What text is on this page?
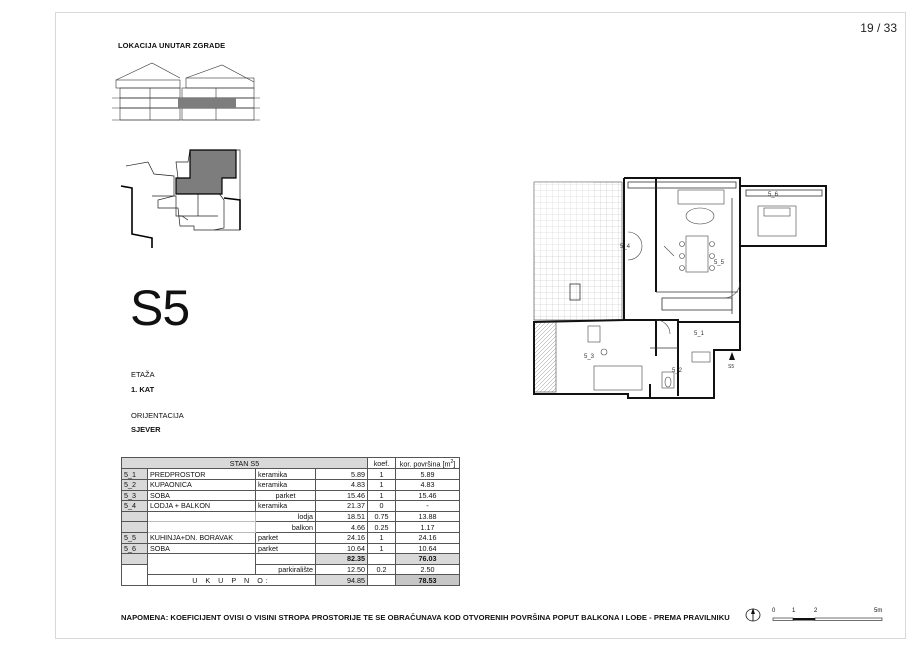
19 / 33
LOKACIJA UNUTAR ZGRADE
S5
ETAŽA
1. KAT
ORIJENTACIJA
SJEVER
5_4
5_5
5_6
5_3
5_1
5_2
S5
STAN S5				koef.	kor. površina $[m^2]$
5_1	PREDPROSTOR	keramika	5.89	1	5.89
5_2	KUPAONICA	keramika	4.83	1	4.83
5_3	SOBA	parket	15.46	1	15.46
5_4	LODJA + BALKON	keramika	21.37	0	-
		lodja	18.51	0.75	13.88
		balkon	4.66	0.25	1.17
5_5	KUHINJA+DN. BORAVAK	parket	24.16	1	24.16
5_6	SOBA	parket	10.64	1	10.64
			82.35		76.03
		parkiralište	12.50	0.2	2.50
	U K U P N O:		94.85		78.53
NAPOMENA: KOEFICIJENT OVISI O VISINI STROPA PROSTORIJE TE SE OBRAČUNAVA KOD OTVORENIH POVRŠINA POPUT BALKONA I LOĐE - PREMA PRAVILNIKU
0	1	2	5m
